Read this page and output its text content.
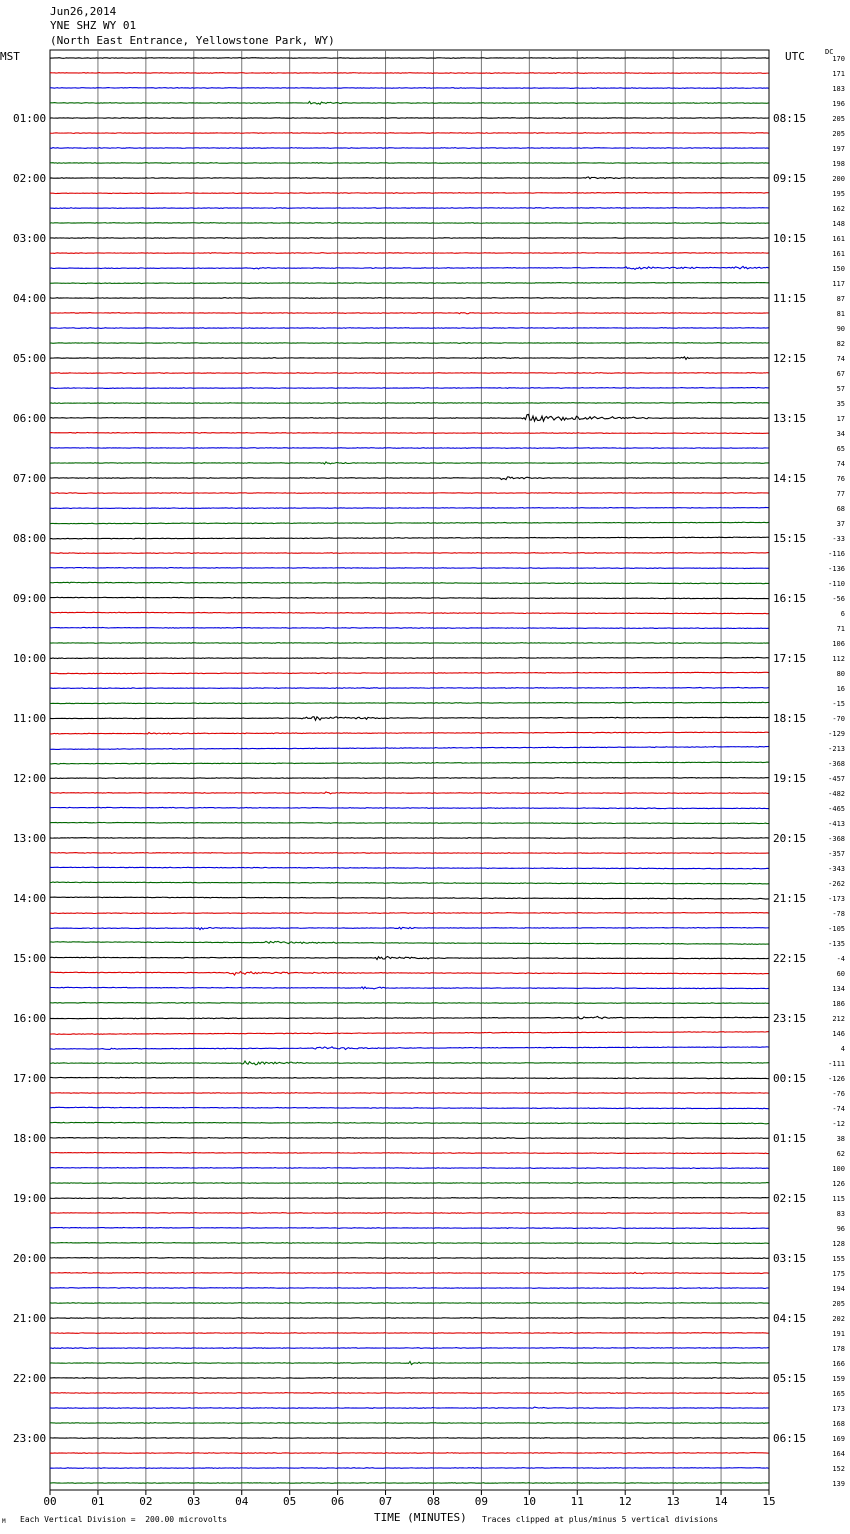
Jun26,2014
YNE SHZ WY 01
(North East Entrance, Yellowstone Park, WY)
MST	UTC	DC
00	01	02	03	04	05	06	07	08	09	10	11	12	13	14	15
170
171
183
196
205
205
197
198
200
195
162
148
161
161
150
117
87
81
90
82
74
67
57
35
17
34
65
74
76
77
68
37
-33
-116
-136
-110
-56
6
71
106
112
80
16
-15
-70
-129
-213
-368
-457
-482
-465
-413
-368
-357
-343
-262
-173
-78
-105
-135
-4
60
134
186
212
146
4
-111
-126
-76
-74
-12
38
62
100
126
115
83
96
128
155
175
194
205
202
191
178
166
159
165
173
168
169
164
152
139
01:00
02:00
03:00
04:00
05:00
06:00
07:00
08:00
09:00
10:00
11:00
12:00
13:00
14:00
15:00
16:00
17:00
18:00
19:00
20:00
21:00
22:00
23:00
08:15
09:15
10:15
11:15
12:15
13:15
14:15
15:15
16:15
17:15
18:15
19:15
20:15
21:15
22:15
23:15
00:15
01:15
02:15
03:15
04:15
05:15
06:15
M Each Vertical Division =  200.00 microvolts	TIME (MINUTES) Traces clipped at plus/minus 5 vertical divisions
